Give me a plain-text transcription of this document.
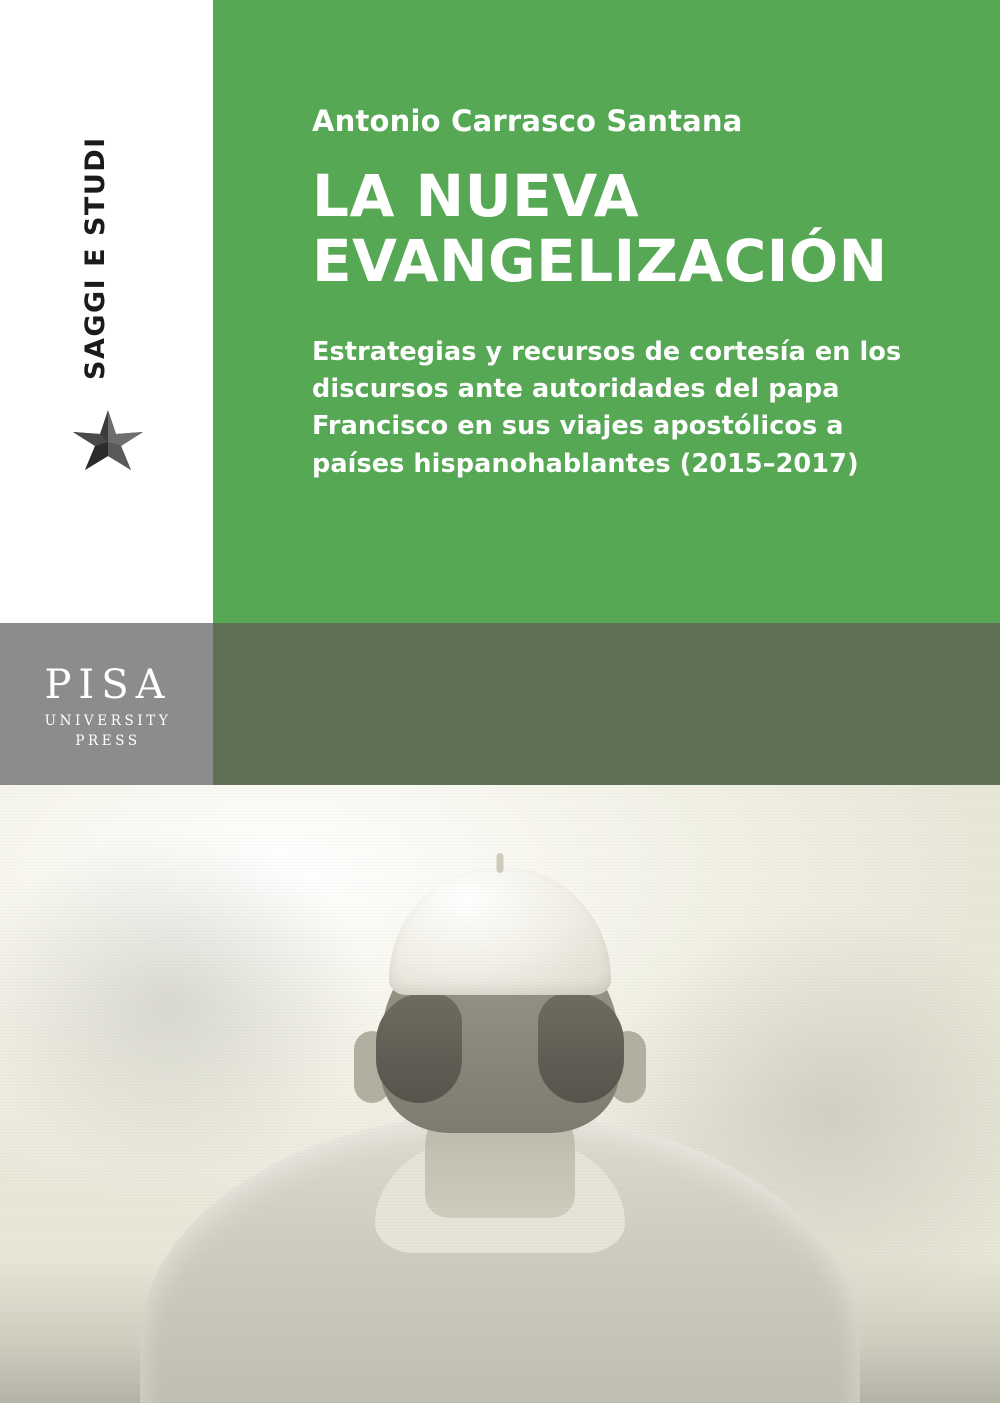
SAGGI E STUDI
Antonio Carrasco Santana
LA NUEVA EVANGELIZACIÓN
Estrategias y recursos de cortesía en los discursos ante autoridades del papa Francisco en sus viajes apostólicos a países hispanohablantes (2015–2017)
PISA
UNIVERSITY
PRESS
